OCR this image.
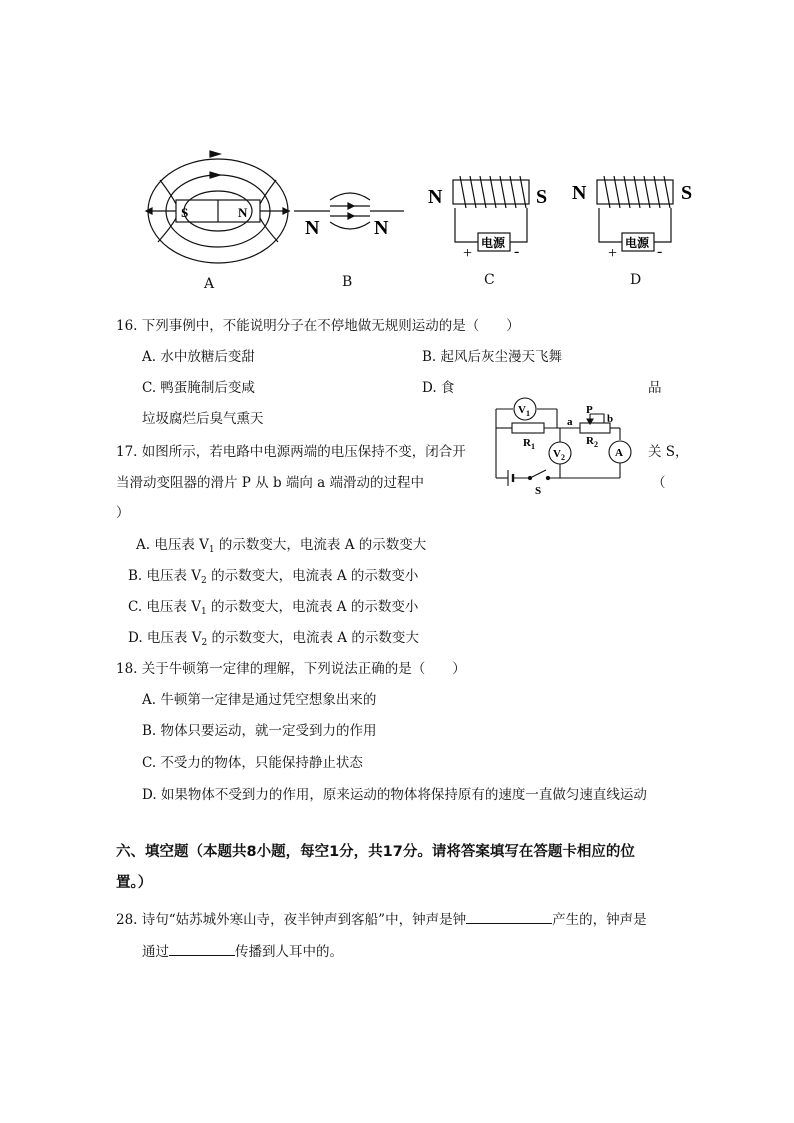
S	N
N	N
N	S
电源
+	-
N	S
电源
+ -
A	B	C	D
16. 下列事例中，不能说明分子在不停地做无规则运动的是（　　）
A. 水中放糖后变甜	B. 起风后灰尘漫天飞舞
C. 鸭蛋腌制后变咸	D. 食	品
垃圾腐烂后臭气熏天
$V_1$
$V_2$
$R_1$	$R_2$
A
a	b
P
S
17. 如图所示，若电路中电源两端的电压保持不变，闭合开	关 S，
当滑动变阻器的滑片 P 从 b 端向 a 端滑动的过程中	（
）
A. 电压表 $V_1$ 的示数变大，电流表 A 的示数变大
B. 电压表 $V_2$ 的示数变大，电流表 A 的示数变小
C. 电压表 $V_1$ 的示数变大，电流表 A 的示数变小
D. 电压表 $V_2$ 的示数变大，电流表 A 的示数变大
18. 关于牛顿第一定律的理解，下列说法正确的是（　　）
A. 牛顿第一定律是通过凭空想象出来的
B. 物体只要运动，就一定受到力的作用
C. 不受力的物体，只能保持静止状态
D. 如果物体不受到力的作用，原来运动的物体将保持原有的速度一直做匀速直线运动
六、填空题（本题共8小题，每空1分，共17分。请将答案填写在答题卡相应的位
置。）
28. 诗句“姑苏城外寒山寺，夜半钟声到客船”中，钟声是钟	产生的，钟声是
通过	传播到人耳中的。
